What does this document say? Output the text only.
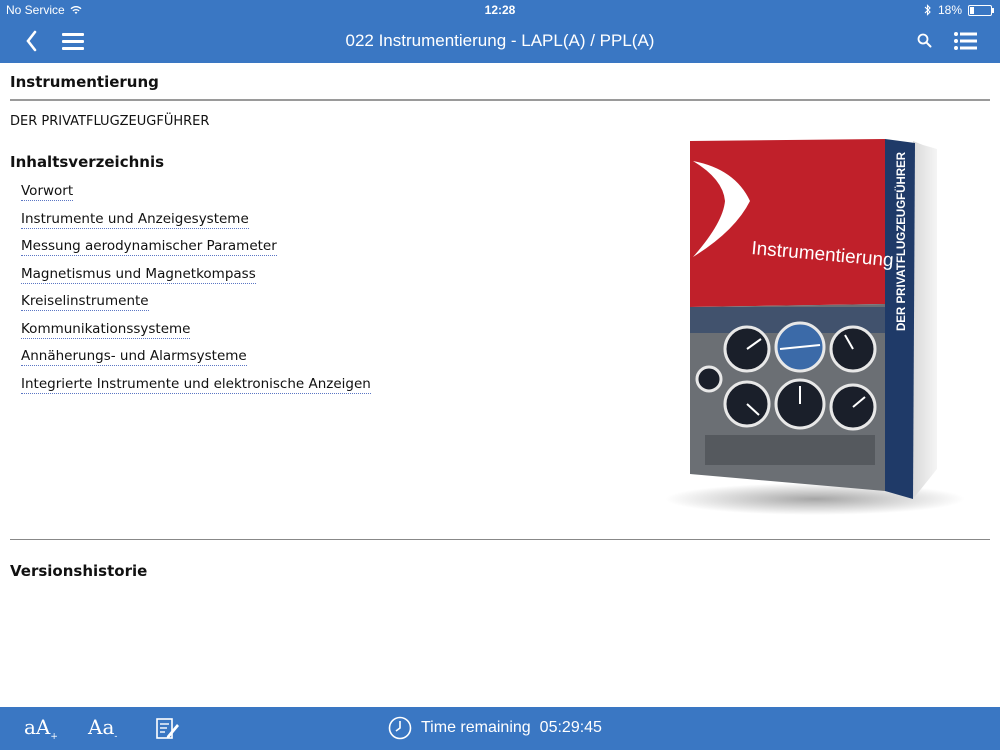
No Service	12:28	18%
022 Instrumentierung - LAPL(A) / PPL(A)
Instrumentierung
DER PRIVATFLUGZEUGFÜHRER
Inhaltsverzeichnis
Vorwort
Instrumente und Anzeigesysteme
Messung aerodynamischer Parameter
Magnetismus und Magnetkompass
Kreiselinstrumente
Kommunikationssysteme
Annäherungs- und Alarmsysteme
Integrierte Instrumente und elektronische Anzeigen
Instrumentierung DER PRIVATFLUGZEUGFÜHRER
Versionshistorie
$aA_+$ $Aa_-$
Time remaining 05:29:45
